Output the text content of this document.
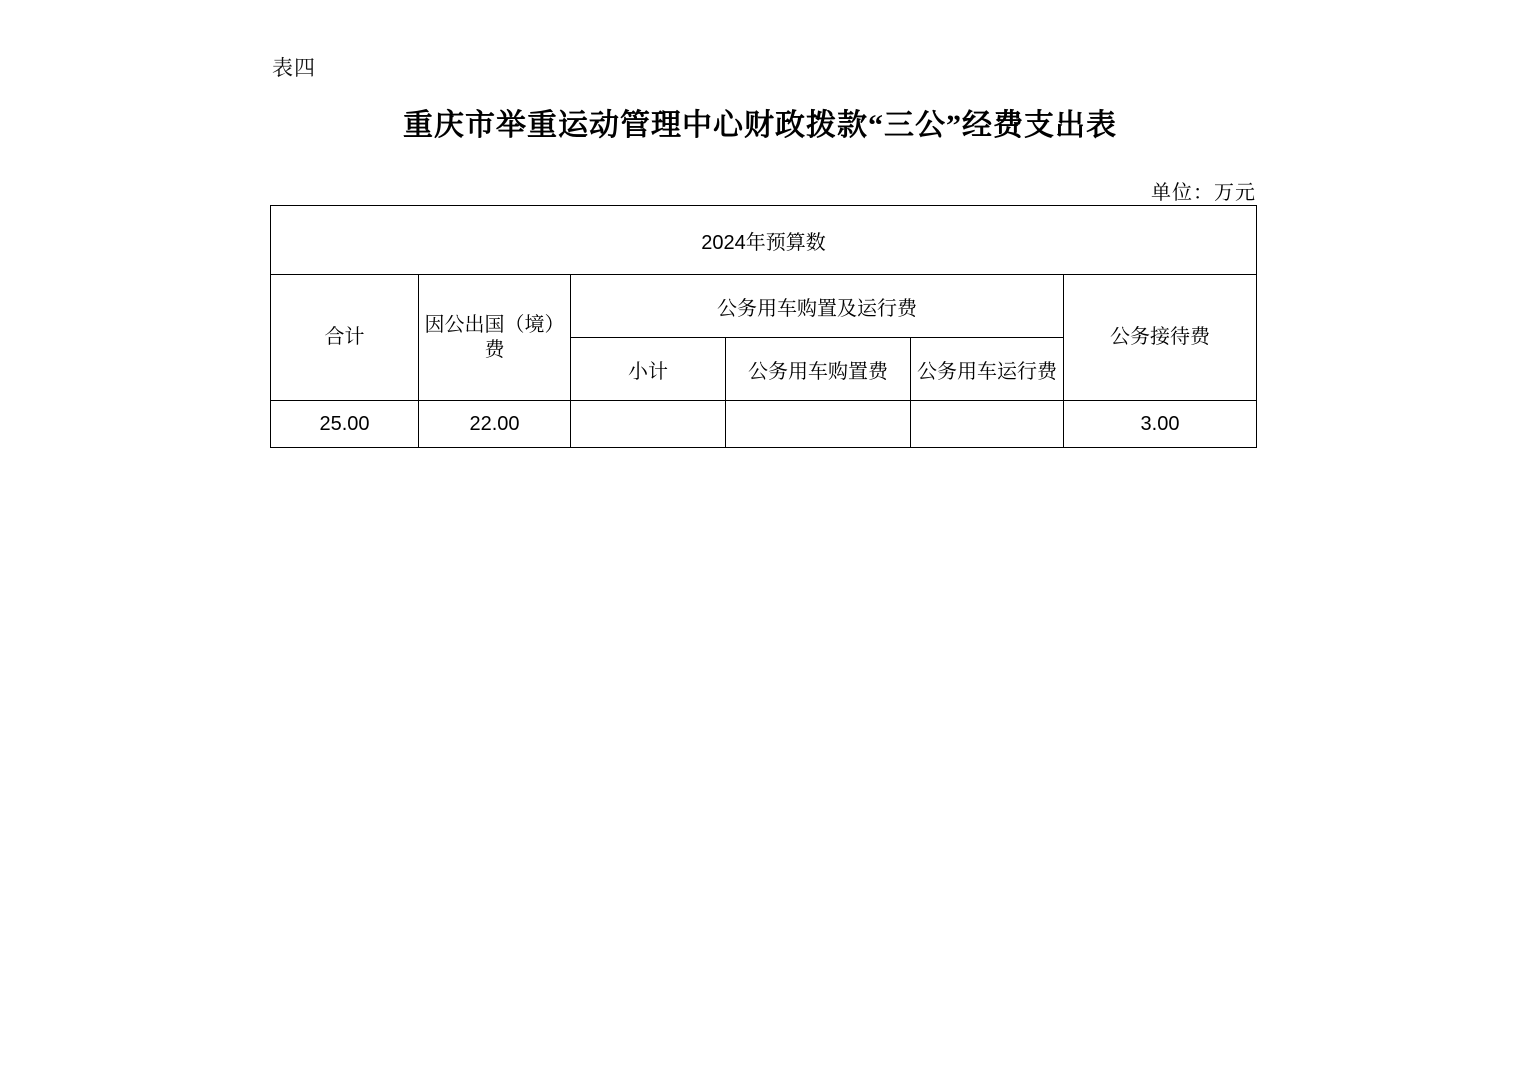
表四
重庆市举重运动管理中心财政拨款“三公”经费支出表
单位：万元
2024年预算数					
合计	因公出国（境）费	公务用车购置及运行费			公务接待费
		小计	公务用车购置费	公务用车运行费	
25.00	22.00				3.00
